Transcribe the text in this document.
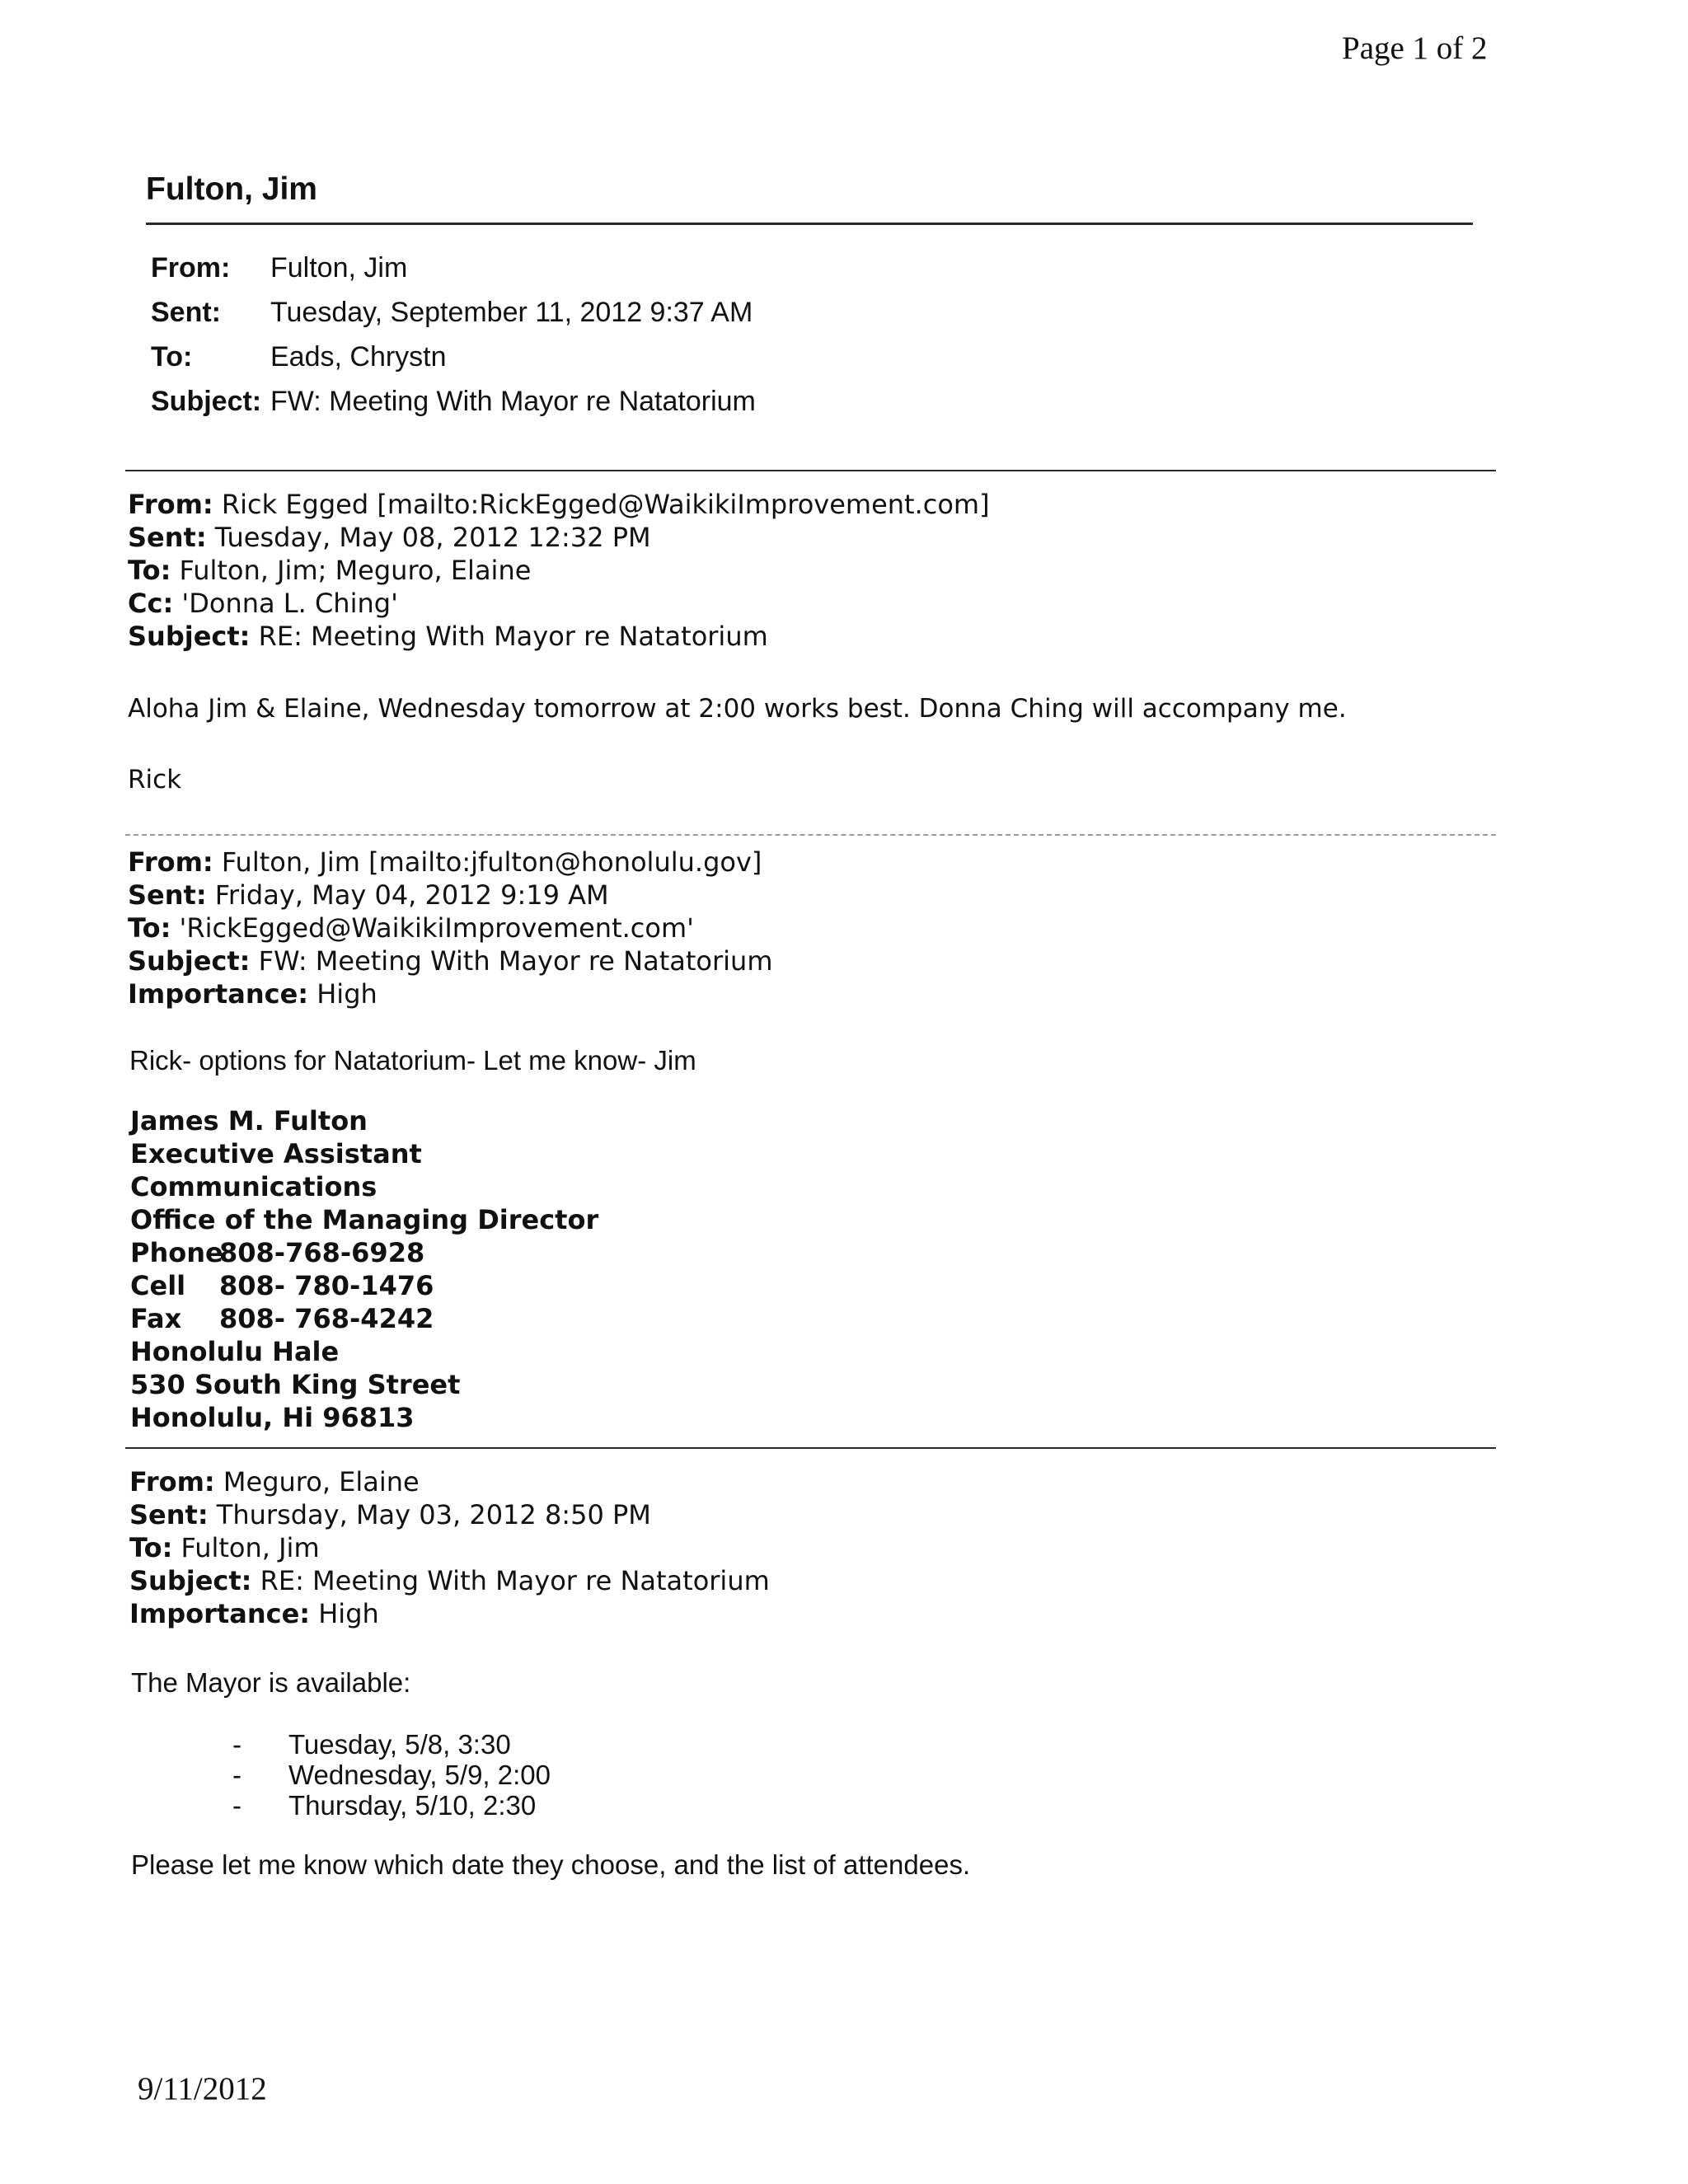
Page 1 of 2
Fulton, Jim
From:	Fulton, Jim
Sent:	Tuesday, September 11, 2012 9:37 AM
To:	Eads, Chrystn
Subject: FW: Meeting With Mayor re Natatorium
From: Rick Egged [mailto:RickEgged@WaikikiImprovement.com]
Sent: Tuesday, May 08, 2012 12:32 PM
To: Fulton, Jim; Meguro, Elaine
Cc: 'Donna L. Ching'
Subject: RE: Meeting With Mayor re Natatorium
Aloha Jim & Elaine, Wednesday tomorrow at 2:00 works best. Donna Ching will accompany me.
Rick
From: Fulton, Jim [mailto:jfulton@honolulu.gov]
Sent: Friday, May 04, 2012 9:19 AM
To: 'RickEgged@WaikikiImprovement.com'
Subject: FW: Meeting With Mayor re Natatorium
Importance: High
Rick- options for Natatorium- Let me know- Jim
James M. Fulton
Executive Assistant
Communications
Office of the Managing Director
Phone808-768-6928
Cell 808- 780-1476
Fax 808- 768-4242
Honolulu Hale
530 South King Street
Honolulu, Hi 96813
From: Meguro, Elaine
Sent: Thursday, May 03, 2012 8:50 PM
To: Fulton, Jim
Subject: RE: Meeting With Mayor re Natatorium
Importance: High
The Mayor is available:
-	Tuesday, 5/8, 3:30
-	Wednesday, 5/9, 2:00
-	Thursday, 5/10, 2:30
Please let me know which date they choose, and the list of attendees.
9/11/2012
